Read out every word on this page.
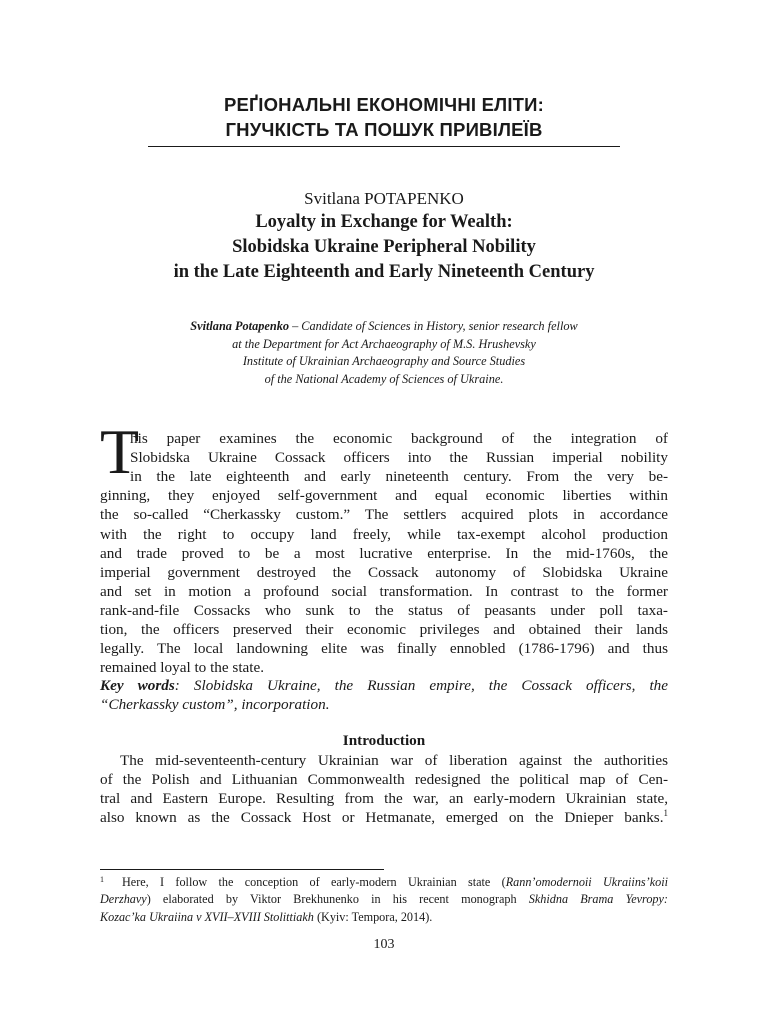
РЕҐІОНАЛЬНІ ЕКОНОМІЧНІ ЕЛІТИ:
ГНУЧКІСТЬ ТА ПОШУК ПРИВІЛЕЇВ
Svitlana POTAPENKO
Loyalty in Exchange for Wealth:
Slobidska Ukraine Peripheral Nobility
in the Late Eighteenth and Early Nineteenth Century
Svitlana Potapenko – Candidate of Sciences in History, senior research fellow
at the Department for Act Archaeography of M.S. Hrushevsky
Institute of Ukrainian Archaeography and Source Studies
of the National Academy of Sciences of Ukraine.
T
his paper examines the economic background of the integration of
Slobidska Ukraine Cossack officers into the Russian imperial nobility
in the late eighteenth and early nineteenth century. From the very be-
ginning, they enjoyed self-government and equal economic liberties within
the so-called “Cherkassky custom.” The settlers acquired plots in accordance
with the right to occupy land freely, while tax-exempt alcohol production
and trade proved to be a most lucrative enterprise. In the mid-1760s, the
imperial government destroyed the Cossack autonomy of Slobidska Ukraine
and set in motion a profound social transformation. In contrast to the former
rank-and-file Cossacks who sunk to the status of peasants under poll taxa-
tion, the officers preserved their economic privileges and obtained their lands
legally. The local landowning elite was finally ennobled (1786-1796) and thus
remained loyal to the state.
Key words: Slobidska Ukraine, the Russian empire, the Cossack officers, the
“Cherkassky custom”, incorporation.
Introduction
The mid-seventeenth-century Ukrainian war of liberation against the authorities
of the Polish and Lithuanian Commonwealth redesigned the political map of Cen-
tral and Eastern Europe. Resulting from the war, an early-modern Ukrainian state,
also known as the Cossack Host or Hetmanate, emerged on the Dnieper banks.$^1$
1 Here, I follow the conception of early-modern Ukrainian state (Rann’omodernoii Ukraiins’koii
Derzhavy) elaborated by Viktor Brekhunenko in his recent monograph Skhidna Brama Yevropy:
Kozac’ka Ukraiina v XVII–XVIII Stolittiakh (Kyiv: Tempora, 2014).
103
